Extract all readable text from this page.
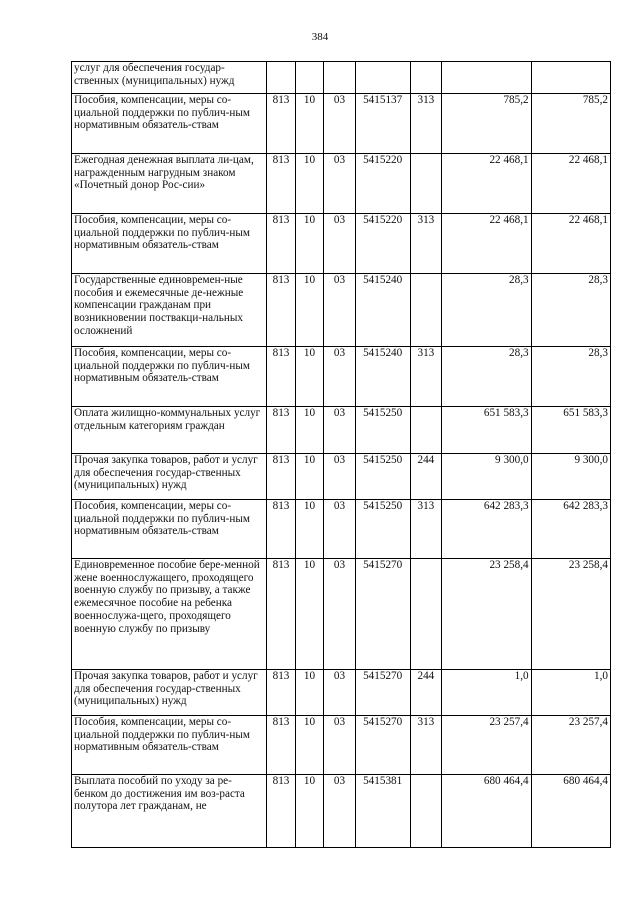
384
услуг для обеспечения государ-ственных (муниципальных) нужд							
Пособия, компенсации, меры со-циальной поддержки по публич-ным нормативным обязатель-ствам	813	10	03	5415137	313	785,2	785,2
Ежегодная денежная выплата ли-цам, награжденным нагрудным знаком «Почетный донор Рос-сии»	813	10	03	5415220		22 468,1	22 468,1
Пособия, компенсации, меры со-циальной поддержки по публич-ным нормативным обязатель-ствам	813	10	03	5415220	313	22 468,1	22 468,1
Государственные единовремен-ные пособия и ежемесячные де-нежные компенсации гражданам при возникновении поствакци-нальных осложнений	813	10	03	5415240		28,3	28,3
Пособия, компенсации, меры со-циальной поддержки по публич-ным нормативным обязатель-ствам	813	10	03	5415240	313	28,3	28,3
Оплата жилищно-коммунальных услуг отдельным категориям граждан	813	10	03	5415250		651 583,3	651 583,3
Прочая закупка товаров, работ и услуг для обеспечения государ-ственных (муниципальных) нужд	813	10	03	5415250	244	9 300,0	9 300,0
Пособия, компенсации, меры со-циальной поддержки по публич-ным нормативным обязатель-ствам	813	10	03	5415250	313	642 283,3	642 283,3
Единовременное пособие бере-менной жене военнослужащего, проходящего военную службу по призыву, а также ежемесячное пособие на ребенка военнослужа-щего, проходящего военную службу по призыву	813	10	03	5415270		23 258,4	23 258,4
Прочая закупка товаров, работ и услуг для обеспечения государ-ственных (муниципальных) нужд	813	10	03	5415270	244	1,0	1,0
Пособия, компенсации, меры со-циальной поддержки по публич-ным нормативным обязатель-ствам	813	10	03	5415270	313	23 257,4	23 257,4
Выплата пособий по уходу за ре-бенком до достижения им воз-раста полутора лет гражданам, не	813	10	03	5415381		680 464,4	680 464,4
